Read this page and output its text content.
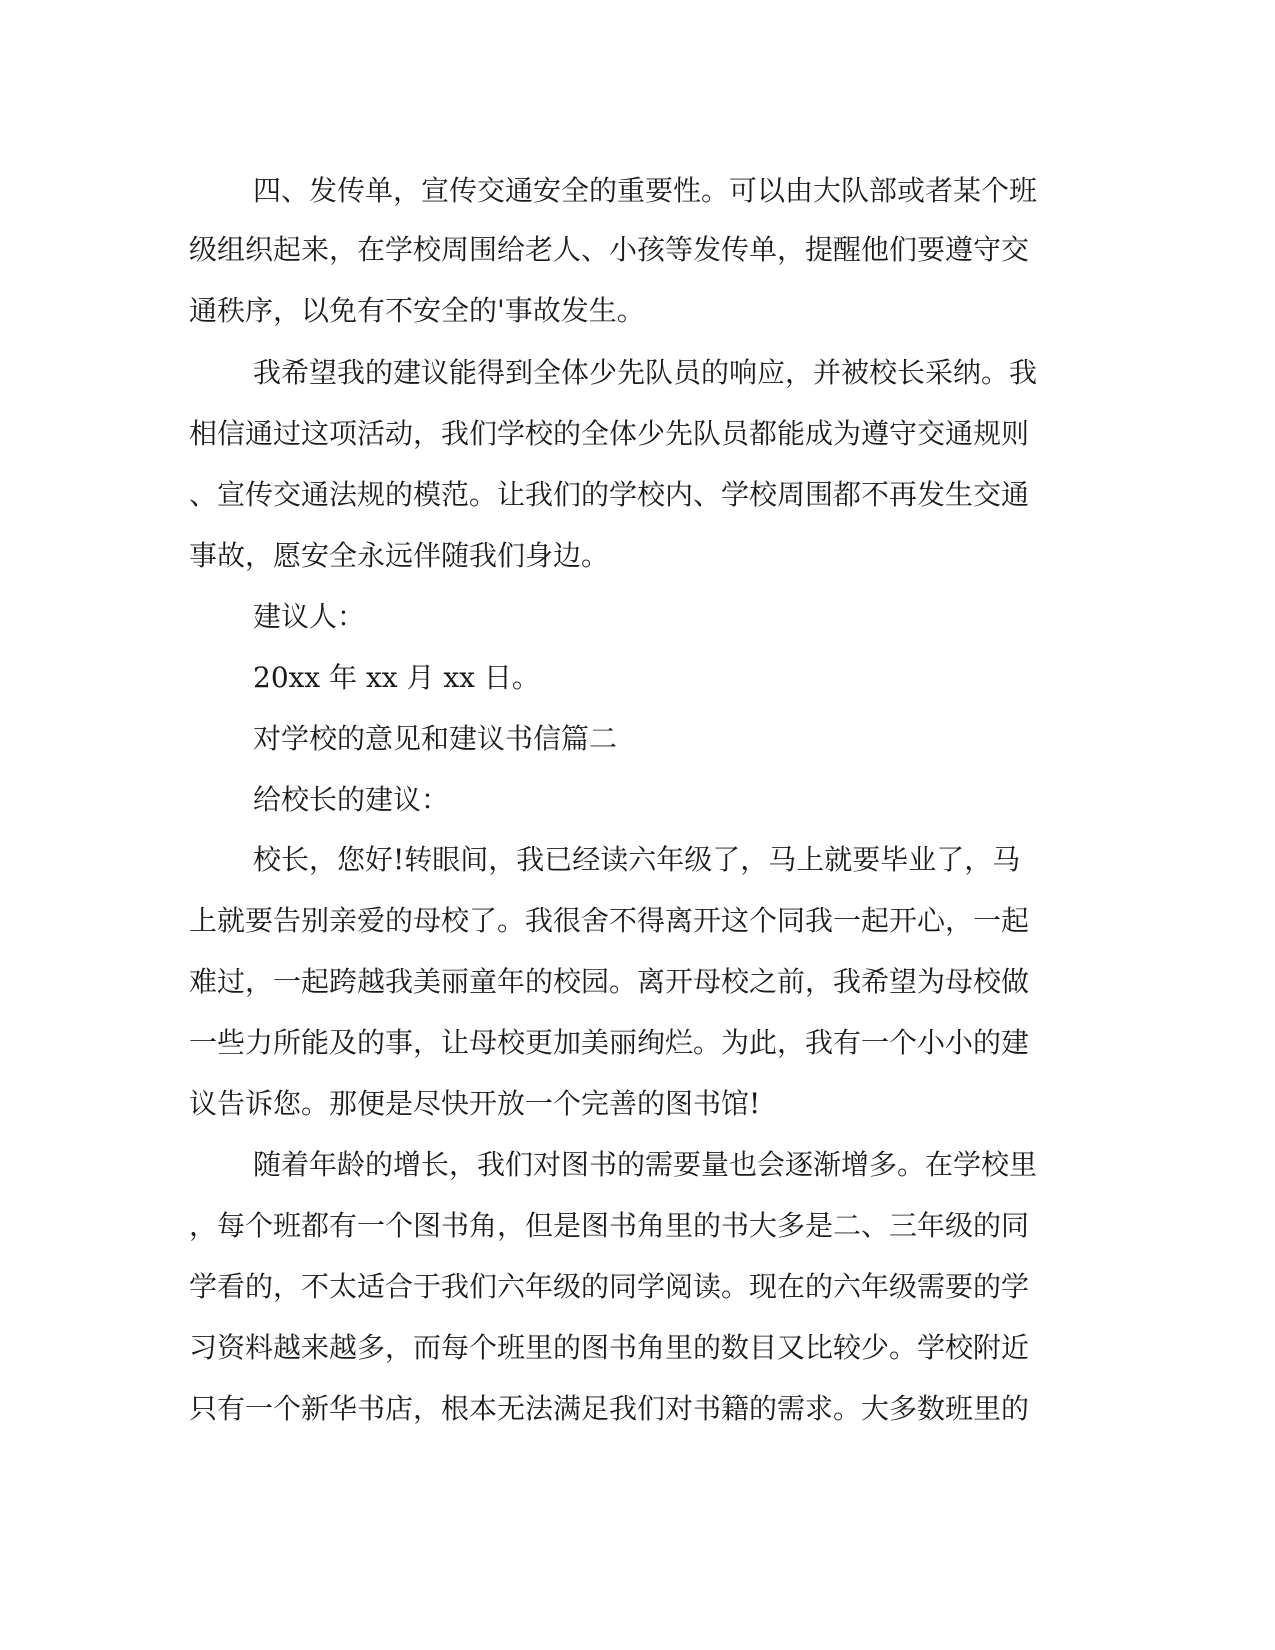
四、发传单，宣传交通安全的重要性。可以由大队部或者某个班
级组织起来，在学校周围给老人、小孩等发传单，提醒他们要遵守交
通秩序，以免有不安全的'事故发生。
我希望我的建议能得到全体少先队员的响应，并被校长采纳。我
相信通过这项活动，我们学校的全体少先队员都能成为遵守交通规则
、宣传交通法规的模范。让我们的学校内、学校周围都不再发生交通
事故，愿安全永远伴随我们身边。
建议人：
20xx 年 xx 月 xx 日。
对学校的意见和建议书信篇二
给校长的建议：
校长，您好!转眼间，我已经读六年级了，马上就要毕业了，马
上就要告别亲爱的母校了。我很舍不得离开这个同我一起开心，一起
难过，一起跨越我美丽童年的校园。离开母校之前，我希望为母校做
一些力所能及的事，让母校更加美丽绚烂。为此，我有一个小小的建
议告诉您。那便是尽快开放一个完善的图书馆!
随着年龄的增长，我们对图书的需要量也会逐渐增多。在学校里
，每个班都有一个图书角，但是图书角里的书大多是二、三年级的同
学看的，不太适合于我们六年级的同学阅读。现在的六年级需要的学
习资料越来越多，而每个班里的图书角里的数目又比较少。学校附近
只有一个新华书店，根本无法满足我们对书籍的需求。大多数班里的
